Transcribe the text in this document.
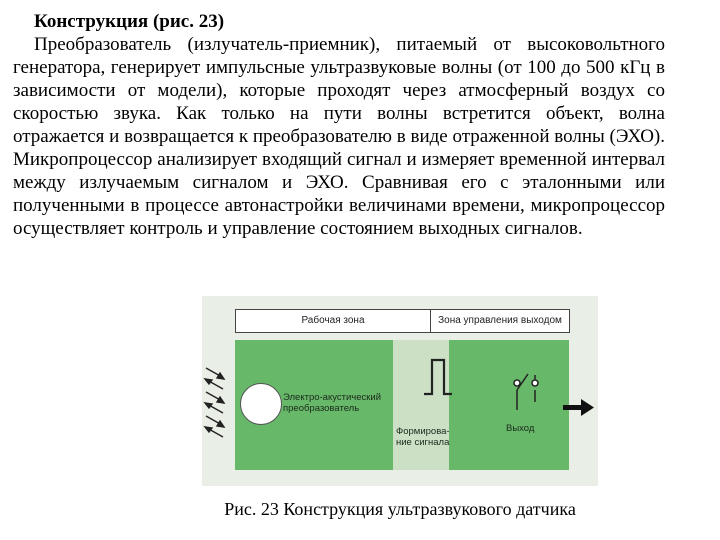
Конструкция (рис. 23)
Преобразователь (излучатель-приемник), питаемый от высоковольтного генератора, генерирует импульсные ультразвуковые волны (от 100 до 500 кГц в зависимости от модели), которые проходят через атмосферный воздух со скоростью звука. Как только на пути волны встретится объект, волна отражается и возвращается к преобразователю в виде отраженной волны (ЭХО). Микропроцессор анализирует входящий сигнал и измеряет временной интервал между излучаемым сигналом и ЭХО. Сравнивая его с эталонными или полученными в процессе автонастройки величинами времени, микропроцессор осуществляет контроль и управление состоянием выходных сигналов.
Рабочая зона	Зона управления выходом
Электро-акустический преобразователь
Формирова-ние сигнала
Выход
Рис. 23 Конструкция ультразвукового датчика
